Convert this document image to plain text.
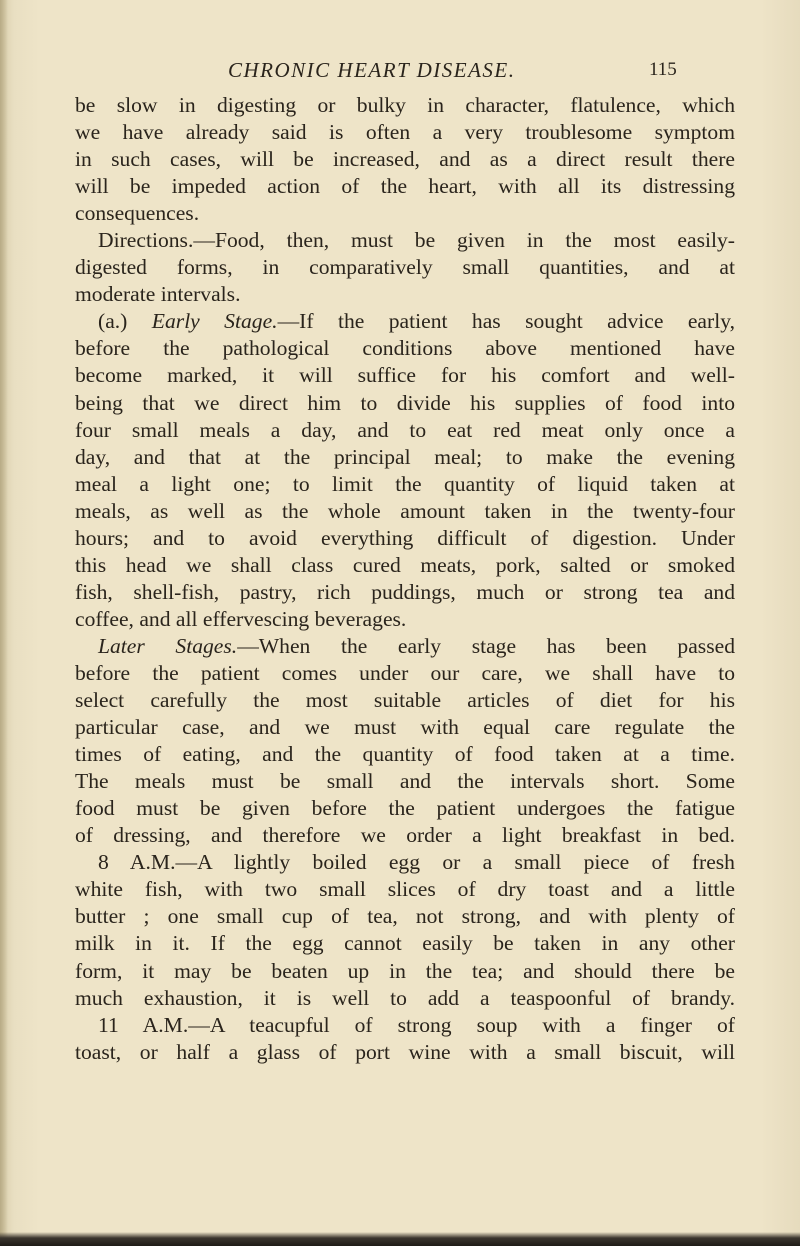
CHRONIC HEART DISEASE.	115
be slow in digesting or bulky in character, flatulence, which
we have already said is often a very troublesome symptom
in such cases, will be increased, and as a direct result there
will be impeded action of the heart, with all its distressing
consequences.
Directions.—Food, then, must be given in the most easily-
digested forms, in comparatively small quantities, and at
moderate intervals.
(a.) Early Stage.—If the patient has sought advice early,
before the pathological conditions above mentioned have
become marked, it will suffice for his comfort and well-
being that we direct him to divide his supplies of food into
four small meals a day, and to eat red meat only once a
day, and that at the principal meal; to make the evening
meal a light one; to limit the quantity of liquid taken at
meals, as well as the whole amount taken in the twenty-four
hours; and to avoid everything difficult of digestion. Under
this head we shall class cured meats, pork, salted or smoked
fish, shell-fish, pastry, rich puddings, much or strong tea and
coffee, and all effervescing beverages.
Later Stages.—When the early stage has been passed
before the patient comes under our care, we shall have to
select carefully the most suitable articles of diet for his
particular case, and we must with equal care regulate the
times of eating, and the quantity of food taken at a time.
The meals must be small and the intervals short. Some
food must be given before the patient undergoes the fatigue
of dressing, and therefore we order a light breakfast in bed.
8 A.M.—A lightly boiled egg or a small piece of fresh
white fish, with two small slices of dry toast and a little
butter ; one small cup of tea, not strong, and with plenty of
milk in it. If the egg cannot easily be taken in any other
form, it may be beaten up in the tea; and should there be
much exhaustion, it is well to add a teaspoonful of brandy.
11 A.M.—A teacupful of strong soup with a finger of
toast, or half a glass of port wine with a small biscuit, will
